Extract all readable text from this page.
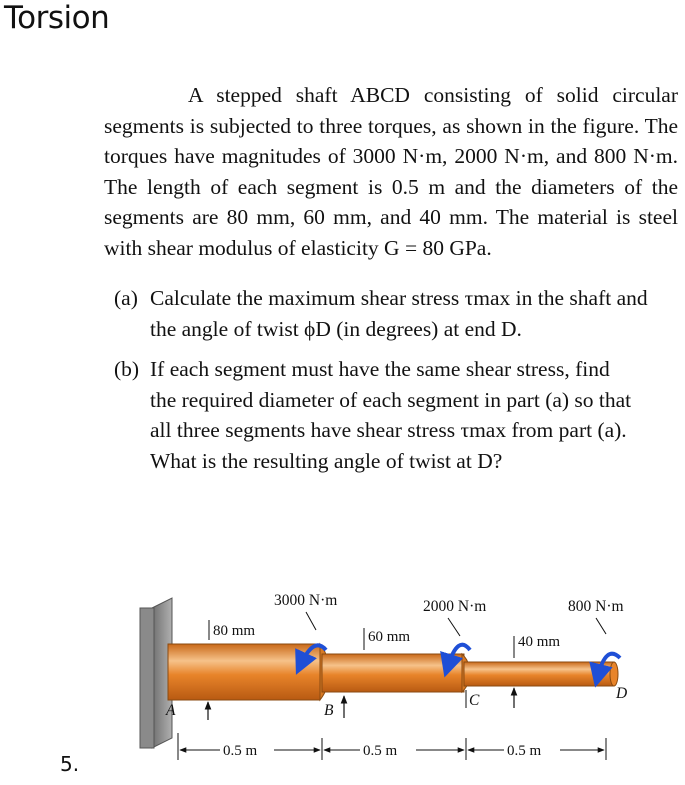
Torsion

A stepped shaft ABCD consisting of solid circular segments is subjected to three torques, as shown in the figure. The torques have magnitudes of 3000 N·m, 2000 N·m, and 800 N·m. The length of each segment is 0.5 m and the diameters of the segments are 80 mm, 60 mm, and 40 mm. The material is steel with shear modulus of elasticity G = 80 GPa.

(a) Calculate the maximum shear stress τmax in the shaft and the angle of twist ϕD (in degrees) at end D.
(b) If each segment must have the same shear stress, find the required diameter of each segment in part (a) so that all three segments have shear stress τmax from part (a). What is the resulting angle of twist at D?
5.
3000 N·m	2000 N·m	800 N·m
80 mm	60 mm	40 mm
A	B
C	D
0.5 m	0.5 m	0.5 m
